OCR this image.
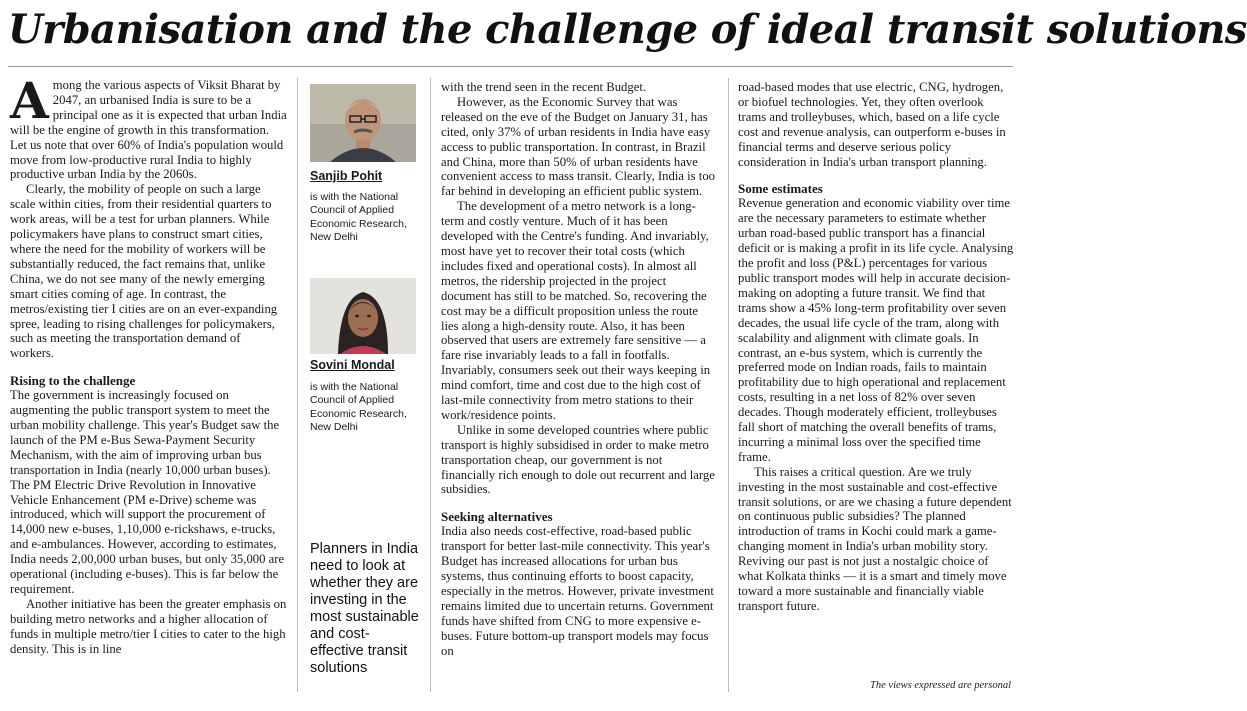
Urbanisation and the challenge of ideal transit solutions

Among the various aspects of Viksit Bharat by 2047, an urbanised India is sure to be a principal one as it is expected that urban India will be the engine of growth in this transformation. Let us note that over 60% of India's population would move from low-productive rural India to highly productive urban India by the 2060s.

Clearly, the mobility of people on such a large scale within cities, from their residential quarters to work areas, will be a test for urban planners. While policymakers have plans to construct smart cities, where the need for the mobility of workers will be substantially reduced, the fact remains that, unlike China, we do not see many of the newly emerging smart cities coming of age. In contrast, the metros/existing tier I cities are on an ever-expanding spree, leading to rising challenges for policymakers, such as meeting the transportation demand of workers.

Rising to the challenge

The government is increasingly focused on augmenting the public transport system to meet the urban mobility challenge. This year's Budget saw the launch of the PM e-Bus Sewa-Payment Security Mechanism, with the aim of improving urban bus transportation in India (nearly 10,000 urban buses). The PM Electric Drive Revolution in Innovative Vehicle Enhancement (PM e-Drive) scheme was introduced, which will support the procurement of 14,000 new e-buses, 1,10,000 e-rickshaws, e-trucks, and e-ambulances. However, according to estimates, India needs 2,00,000 urban buses, but only 35,000 are operational (including e-buses). This is far below the requirement.

Another initiative has been the greater emphasis on building metro networks and a higher allocation of funds in multiple metro/tier I cities to cater to the high density. This is in line

Sanjib Pohit
is with the National Council of Applied Economic Research, New Delhi
Sovini Mondal
is with the National Council of Applied Economic Research, New Delhi
Planners in India need to look at whether they are investing in the most sustainable and cost-effective transit solutions

with the trend seen in the recent Budget.

However, as the Economic Survey that was released on the eve of the Budget on January 31, has cited, only 37% of urban residents in India have easy access to public transportation. In contrast, in Brazil and China, more than 50% of urban residents have convenient access to mass transit. Clearly, India is too far behind in developing an efficient public system.

The development of a metro network is a long-term and costly venture. Much of it has been developed with the Centre's funding. And invariably, most have yet to recover their total costs (which includes fixed and operational costs). In almost all metros, the ridership projected in the project document has still to be matched. So, recovering the cost may be a difficult proposition unless the route lies along a high-density route. Also, it has been observed that users are extremely fare sensitive — a fare rise invariably leads to a fall in footfalls. Invariably, consumers seek out their ways keeping in mind comfort, time and cost due to the high cost of last-mile connectivity from metro stations to their work/residence points.

Unlike in some developed countries where public transport is highly subsidised in order to make metro transportation cheap, our government is not financially rich enough to dole out recurrent and large subsidies.

Seeking alternatives

India also needs cost-effective, road-based public transport for better last-mile connectivity. This year's Budget has increased allocations for urban bus systems, thus continuing efforts to boost capacity, especially in the metros. However, private investment remains limited due to uncertain returns. Government funds have shifted from CNG to more expensive e-buses. Future bottom-up transport models may focus on

road-based modes that use electric, CNG, hydrogen, or biofuel technologies. Yet, they often overlook trams and trolleybuses, which, based on a life cycle cost and revenue analysis, can outperform e-buses in financial terms and deserve serious policy consideration in India's urban transport planning.

Some estimates

Revenue generation and economic viability over time are the necessary parameters to estimate whether urban road-based public transport has a financial deficit or is making a profit in its life cycle. Analysing the profit and loss (P&L) percentages for various public transport modes will help in accurate decision-making on adopting a future transit. We find that trams show a 45% long-term profitability over seven decades, the usual life cycle of the tram, along with scalability and alignment with climate goals. In contrast, an e-bus system, which is currently the preferred mode on Indian roads, fails to maintain profitability due to high operational and replacement costs, resulting in a net loss of 82% over seven decades. Though moderately efficient, trolleybuses fall short of matching the overall benefits of trams, incurring a minimal loss over the specified time frame.

This raises a critical question. Are we truly investing in the most sustainable and cost-effective transit solutions, or are we chasing a future dependent on continuous public subsidies? The planned introduction of trams in Kochi could mark a game-changing moment in India's urban mobility story. Reviving our past is not just a nostalgic choice of what Kolkata thinks — it is a smart and timely move toward a more sustainable and financially viable transport future.

The views expressed are personal
